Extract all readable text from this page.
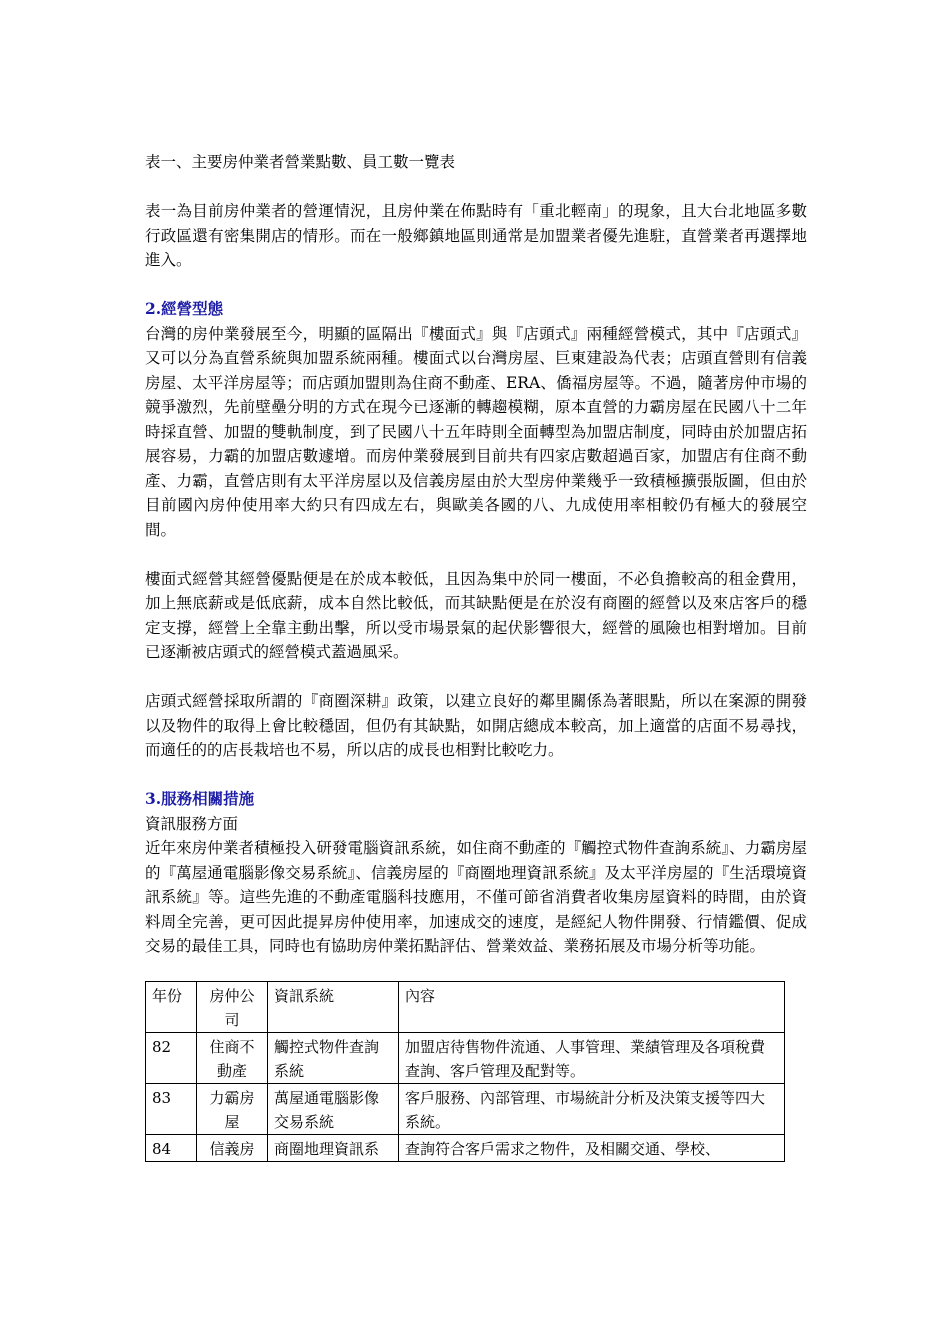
表一、主要房仲業者營業點數、員工數一覽表

表一為目前房仲業者的營運情況，且房仲業在佈點時有「重北輕南」的現象，且大台北地區多數行政區還有密集開店的情形。而在一般鄉鎮地區則通常是加盟業者優先進駐，直營業者再選擇地進入。

2.經營型態

台灣的房仲業發展至今，明顯的區隔出『樓面式』與『店頭式』兩種經營模式，其中『店頭式』又可以分為直營系統與加盟系統兩種。樓面式以台灣房屋、巨東建設為代表；店頭直營則有信義房屋、太平洋房屋等；而店頭加盟則為住商不動產、ERA、僑福房屋等。不過，隨著房仲市場的競爭激烈，先前壁壘分明的方式在現今已逐漸的轉趨模糊，原本直營的力霸房屋在民國八十二年時採直營、加盟的雙軌制度，到了民國八十五年時則全面轉型為加盟店制度，同時由於加盟店拓展容易，力霸的加盟店數遽增。而房仲業發展到目前共有四家店數超過百家，加盟店有住商不動產、力霸，直營店則有太平洋房屋以及信義房屋由於大型房仲業幾乎一致積極擴張版圖，但由於目前國內房仲使用率大約只有四成左右，與歐美各國的八、九成使用率相較仍有極大的發展空間。

樓面式經營其經營優點便是在於成本較低，且因為集中於同一樓面，不必負擔較高的租金費用，加上無底薪或是低底薪，成本自然比較低，而其缺點便是在於沒有商圈的經營以及來店客戶的穩定支撐，經營上全靠主動出擊，所以受市場景氣的起伏影響很大，經營的風險也相對增加。目前已逐漸被店頭式的經營模式蓋過風采。

店頭式經營採取所謂的『商圈深耕』政策，以建立良好的鄰里關係為著眼點，所以在案源的開發以及物件的取得上會比較穩固，但仍有其缺點，如開店總成本較高，加上適當的店面不易尋找，而適任的的店長栽培也不易，所以店的成長也相對比較吃力。

3.服務相關措施

資訊服務方面

近年來房仲業者積極投入研發電腦資訊系統，如住商不動產的『觸控式物件查詢系統』、力霸房屋的『萬屋通電腦影像交易系統』、信義房屋的『商圈地理資訊系統』及太平洋房屋的『生活環境資訊系統』等。這些先進的不動產電腦科技應用，不僅可節省消費者收集房屋資料的時間，由於資料周全完善，更可因此提昇房仲使用率，加速成交的速度，是經紀人物件開發、行情鑑價、促成交易的最佳工具，同時也有協助房仲業拓點評估、營業效益、業務拓展及市場分析等功能。

年份	房仲公司	資訊系統	內容
82	住商不動產	觸控式物件查詢系統	加盟店待售物件流通、人事管理、業績管理及各項稅費查詢、客戶管理及配對等。
83	力霸房屋	萬屋通電腦影像交易系統	客戶服務、內部管理、市場統計分析及決策支援等四大系統。
84	信義房	商圈地理資訊系	查詢符合客戶需求之物件，及相關交通、學校、
